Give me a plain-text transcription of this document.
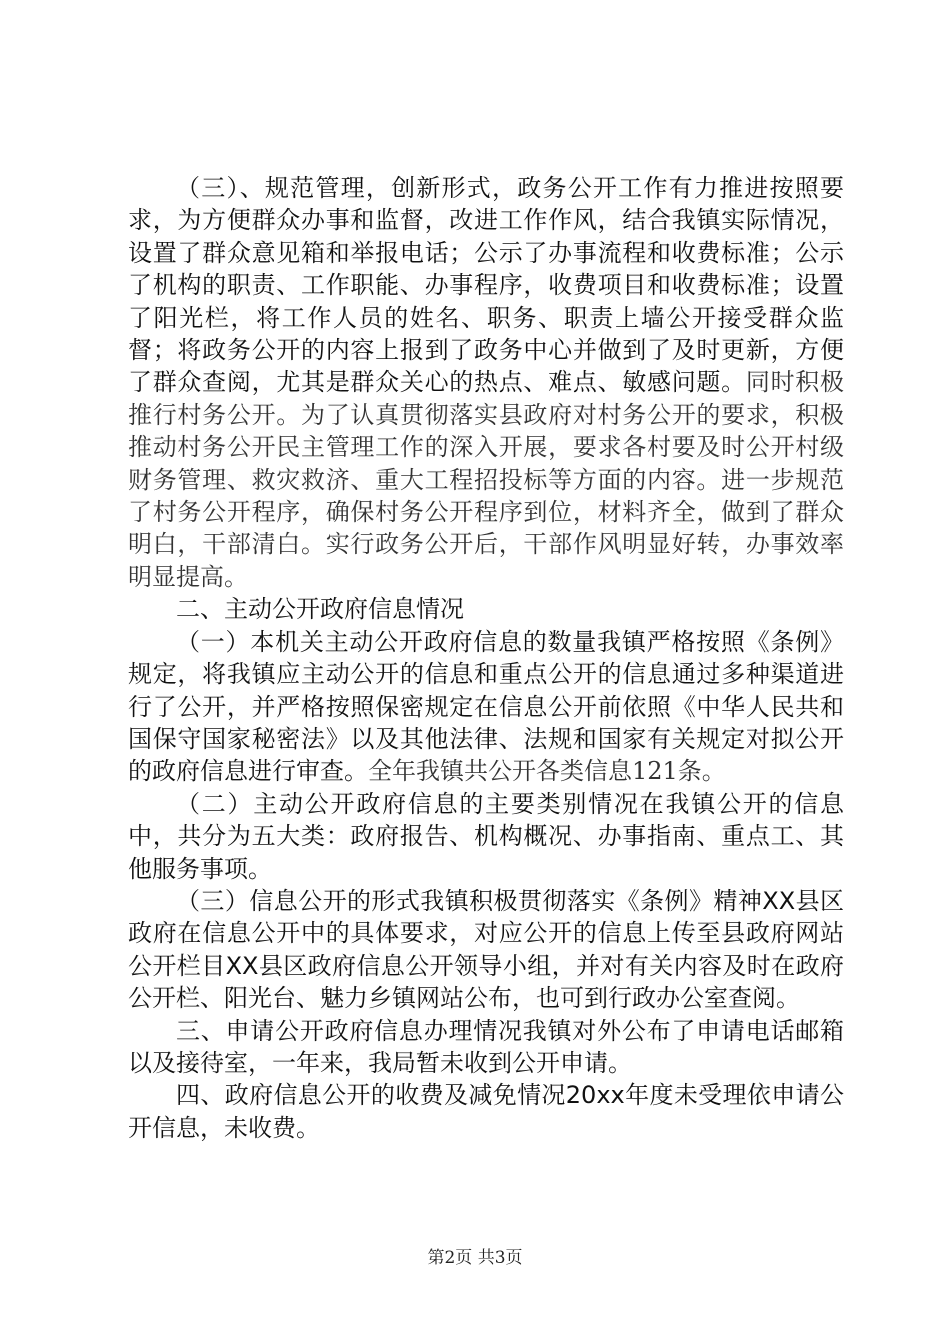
（三）、规范管理，创新形式，政务公开工作有力推进按照要求，为方便群众办事和监督，改进工作作风，结合我镇实际情况，设置了群众意见箱和举报电话；公示了办事流程和收费标准；公示了机构的职责、工作职能、办事程序，收费项目和收费标准；设置了阳光栏，将工作人员的姓名、职务、职责上墙公开接受群众监督；将政务公开的内容上报到了政务中心并做到了及时更新，方便了群众查阅，尤其是群众关心的热点、难点、敏感问题。同时积极推行村务公开。为了认真贯彻落实县政府对村务公开的要求，积极推动村务公开民主管理工作的深入开展，要求各村要及时公开村级财务管理、救灾救济、重大工程招投标等方面的内容。进一步规范了村务公开程序，确保村务公开程序到位，材料齐全，做到了群众明白，干部清白。实行政务公开后，干部作风明显好转，办事效率明显提高。

二、主动公开政府信息情况

（一）本机关主动公开政府信息的数量我镇严格按照《条例》规定，将我镇应主动公开的信息和重点公开的信息通过多种渠道进行了公开，并严格按照保密规定在信息公开前依照《中华人民共和国保守国家秘密法》以及其他法律、法规和国家有关规定对拟公开的政府信息进行审查。全年我镇共公开各类信息121条。

（二）主动公开政府信息的主要类别情况在我镇公开的信息中，共分为五大类：政府报告、机构概况、办事指南、重点工、其他服务事项。

（三）信息公开的形式我镇积极贯彻落实《条例》精神XX县区政府在信息公开中的具体要求，对应公开的信息上传至县政府网站公开栏目XX县区政府信息公开领导小组，并对有关内容及时在政府公开栏、阳光台、魅力乡镇网站公布，也可到行政办公室查阅。

三、申请公开政府信息办理情况我镇对外公布了申请电话邮箱以及接待室，一年来，我局暂未收到公开申请。

四、政府信息公开的收费及减免情况20xx年度未受理依申请公开信息，未收费。

第2页 共3页
